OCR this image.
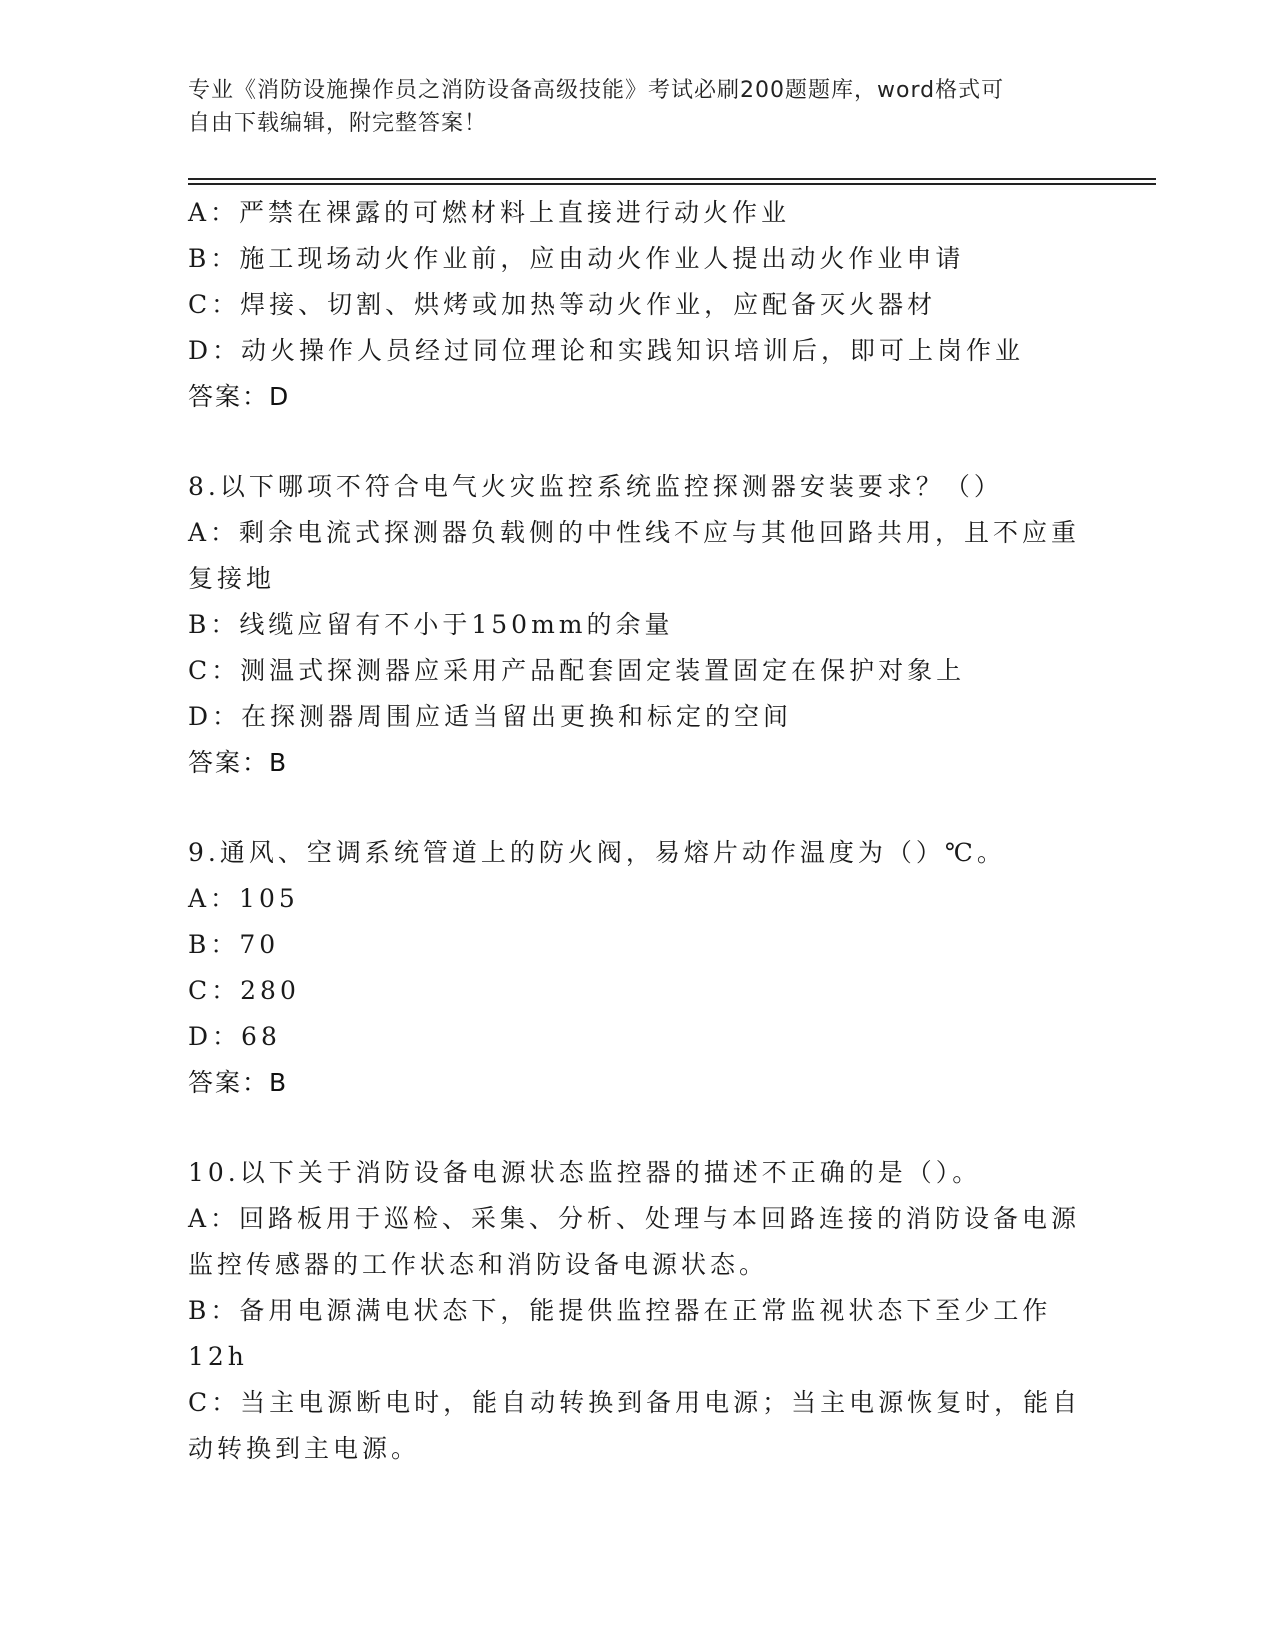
专业《消防设施操作员之消防设备高级技能》考试必刷200题题库，word格式可
自由下载编辑，附完整答案！
A：严禁在裸露的可燃材料上直接进行动火作业
B：施工现场动火作业前，应由动火作业人提出动火作业申请
C：焊接、切割、烘烤或加热等动火作业，应配备灭火器材
D：动火操作人员经过同位理论和实践知识培训后，即可上岗作业
答案：D
8.以下哪项不符合电气火灾监控系统监控探测器安装要求？（）
A：剩余电流式探测器负载侧的中性线不应与其他回路共用，且不应重
复接地
B：线缆应留有不小于150mm的余量
C：测温式探测器应采用产品配套固定装置固定在保护对象上
D：在探测器周围应适当留出更换和标定的空间
答案：B
9.通风、空调系统管道上的防火阀，易熔片动作温度为（）℃。
A：105
B：70
C：280
D：68
答案：B
10.以下关于消防设备电源状态监控器的描述不正确的是（）。
A：回路板用于巡检、采集、分析、处理与本回路连接的消防设备电源
监控传感器的工作状态和消防设备电源状态。
B：备用电源满电状态下，能提供监控器在正常监视状态下至少工作
12h
C：当主电源断电时，能自动转换到备用电源；当主电源恢复时，能自
动转换到主电源。
